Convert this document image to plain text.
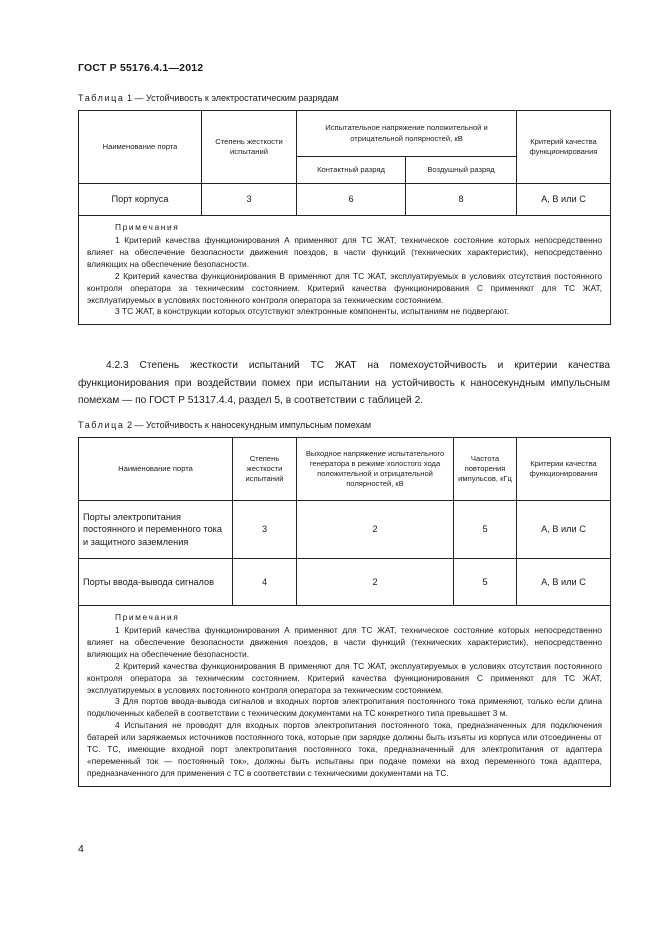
ГОСТ Р 55176.4.1—2012
Таблица 1 — Устойчивость к электростатическим разрядам
Наименование порта	Степень жесткости испытаний	Испытательное напряжение положительной и отрицательной полярностей, кВ		Критерий качества функционирования
		Контактный разряд	Воздушный разряд	
Порт корпуса	3	6	8	А, В или С

Примечания

1 Критерий качества функционирования А применяют для ТС ЖАТ, техническое состояние которых непосредственно влияет на обеспечение безопасности движения поездов, в части функций (технических характеристик), непосредственно влияющих на обеспечение безопасности.

2 Критерий качества функционирования В применяют для ТС ЖАТ, эксплуатируемых в условиях отсутствия постоянного контроля оператора за техническим состоянием. Критерий качества функционирования С применяют для ТС ЖАТ, эксплуатируемых в условиях постоянного контроля оператора за техническим состоянием.

3 ТС ЖАТ, в конструкции которых отсутствуют электронные компоненты, испытаниям не подвергают.				

4.2.3 Степень жесткости испытаний ТС ЖАТ на помехоустойчивость и критерии качества функционирования при воздействии помех при испытании на устойчивость к наносекундным импульсным помехам — по ГОСТ Р 51317.4.4, раздел 5, в соответствии с таблицей 2.

Таблица 2 — Устойчивость к наносекундным импульсным помехам
Наименование порта	Степень жесткости испытаний	Выходное напряжение испытательного генератора в режиме холостого хода положительной и отрицательной полярностей, кВ	Частота повторения импульсов, кГц	Критерии качества функционирования
Порты электропитания постоянного и переменного тока и защитного заземления	3	2	5	А, В или С
Порты ввода-вывода сигналов	4	2	5	А, В или С

Примечания

1 Критерий качества функционирования А применяют для ТС ЖАТ, техническое состояние которых непосредственно влияет на обеспечение безопасности движения поездов, в части функций (технических характеристик), непосредственно влияющих на обеспечение безопасности.

2 Критерий качества функционирования В применяют для ТС ЖАТ, эксплуатируемых в условиях отсутствия постоянного контроля оператора за техническим состоянием. Критерий качества функционирования С применяют для ТС ЖАТ, эксплуатируемых в условиях постоянного контроля оператора за техническим состоянием.

3 Для портов ввода-вывода сигналов и входных портов электропитания постоянного тока применяют, только если длина подключенных кабелей в соответствии с техническим документами на ТС конкретного типа превышает 3 м.

4 Испытания не проводят для входных портов электропитания постоянного тока, предназначенных для подключения батарей или заряжаемых источников постоянного тока, которые при зарядке должны быть изъяты из корпуса или отсоединены от ТС. ТС, имеющие входной порт электропитания постоянного тока, предназначенный для электропитания от адаптера «переменный ток — постоянный ток», должны быть испытаны при подаче помехи на вход переменного тока адаптера, предназначенного для применения с ТС в соответствии с техническими документами на ТС.				

4
